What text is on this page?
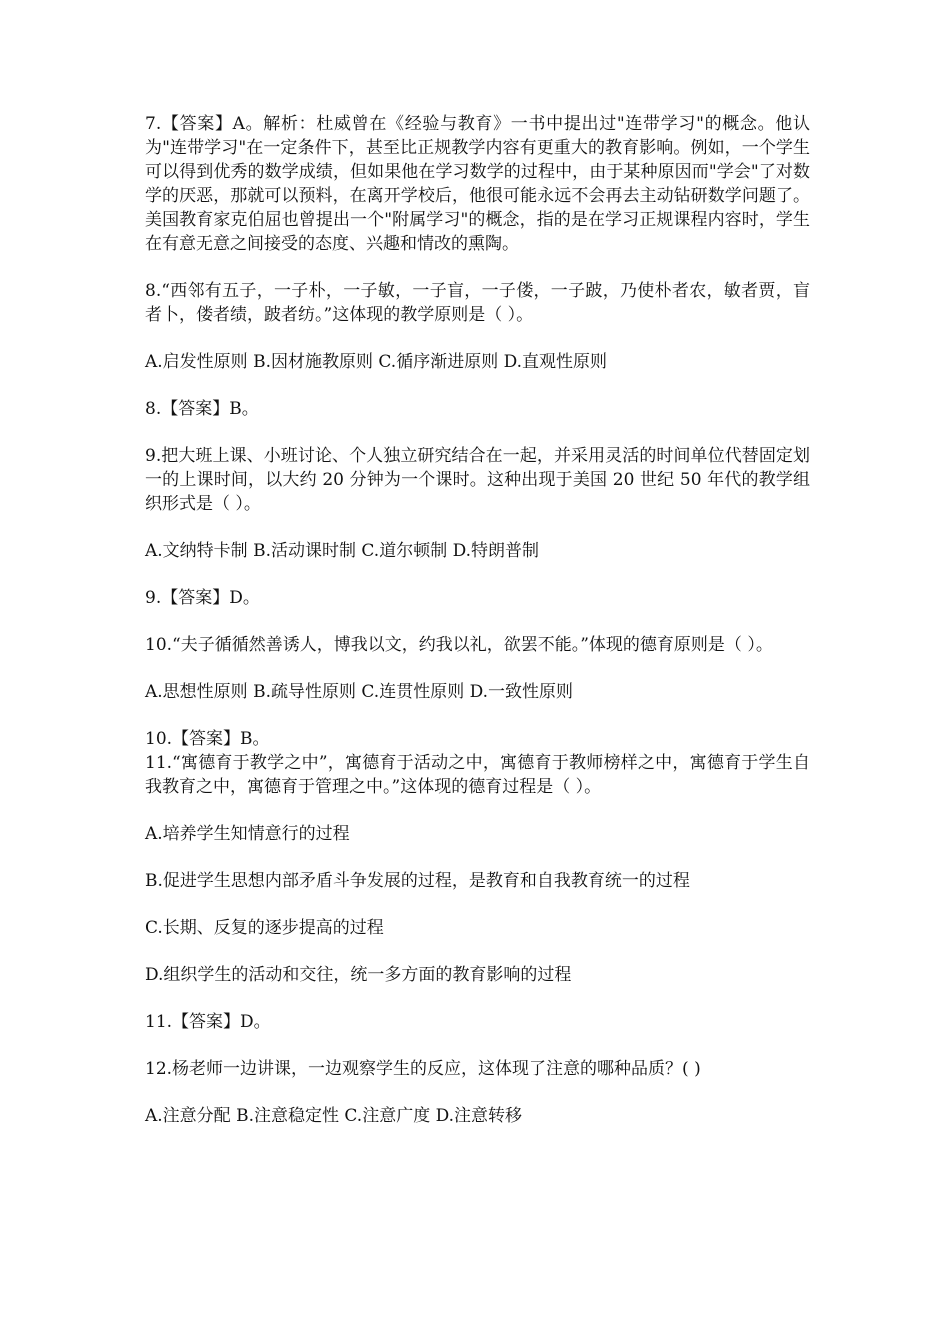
7.【答案】A。解析：杜威曾在《经验与教育》一书中提出过"连带学习"的概念。他认为"连带学习"在一定条件下，甚至比正规教学内容有更重大的教育影响。例如，一个学生可以得到优秀的数学成绩，但如果他在学习数学的过程中，由于某种原因而"学会"了对数学的厌恶，那就可以预料，在离开学校后，他很可能永远不会再去主动钻研数学问题了。美国教育家克伯屈也曾提出一个"附属学习"的概念，指的是在学习正规课程内容时，学生在有意无意之间接受的态度、兴趣和情改的熏陶。

8.“西邻有五子，一子朴，一子敏，一子盲，一子偻，一子跛，乃使朴者农，敏者贾，盲者卜，偻者绩，跛者纺。”这体现的教学原则是（ ）。

A.启发性原则 B.因材施教原则 C.循序渐进原则 D.直观性原则

8.【答案】B。

9.把大班上课、小班讨论、个人独立研究结合在一起，并采用灵活的时间单位代替固定划一的上课时间，以大约 20 分钟为一个课时。这种出现于美国 20 世纪 50 年代的教学组织形式是（ ）。

A.文纳特卡制 B.活动课时制 C.道尔顿制 D.特朗普制

9.【答案】D。

10.“夫子循循然善诱人，博我以文，约我以礼，欲罢不能。”体现的德育原则是（ ）。

A.思想性原则 B.疏导性原则 C.连贯性原则 D.一致性原则

10.【答案】B。

11.“寓德育于教学之中”，寓德育于活动之中，寓德育于教师榜样之中，寓德育于学生自我教育之中，寓德育于管理之中。”这体现的德育过程是（ ）。

A.培养学生知情意行的过程

B.促进学生思想内部矛盾斗争发展的过程，是教育和自我教育统一的过程

C.长期、反复的逐步提高的过程

D.组织学生的活动和交往，统一多方面的教育影响的过程

11.【答案】D。

12.杨老师一边讲课，一边观察学生的反应，这体现了注意的哪种品质？( )

A.注意分配 B.注意稳定性 C.注意广度 D.注意转移
